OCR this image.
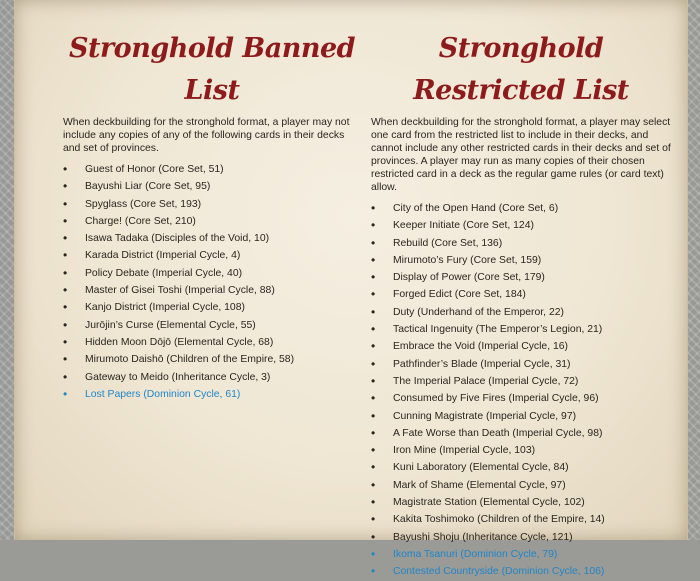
Stronghold Banned List

When deckbuilding for the stronghold format, a player may not include any copies of any of the following cards in their decks and set of provinces.

• Guest of Honor (Core Set, 51)
• Bayushi Liar (Core Set, 95)
• Spyglass (Core Set, 193)
• Charge! (Core Set, 210)
• Isawa Tadaka (Disciples of the Void, 10)
• Karada District (Imperial Cycle, 4)
• Policy Debate (Imperial Cycle, 40)
• Master of Gisei Toshi (Imperial Cycle, 88)
• Kanjo District (Imperial Cycle, 108)
• Jurōjin’s Curse (Elemental Cycle, 55)
• Hidden Moon Dōjō (Elemental Cycle, 68)
• Mirumoto Daishō (Children of the Empire, 58)
• Gateway to Meido (Inheritance Cycle, 3)
• Lost Papers (Dominion Cycle, 61)
Stronghold Restricted List

When deckbuilding for the stronghold format, a player may select one card from the restricted list to include in their decks, and cannot include any other restricted cards in their decks and set of provinces. A player may run as many copies of their chosen restricted card in a deck as the regular game rules (or card text) allow.

• City of the Open Hand (Core Set, 6)
• Keeper Initiate (Core Set, 124)
• Rebuild (Core Set, 136)
• Mirumoto’s Fury (Core Set, 159)
• Display of Power (Core Set, 179)
• Forged Edict (Core Set, 184)
• Duty (Underhand of the Emperor, 22)
• Tactical Ingenuity (The Emperor’s Legion, 21)
• Embrace the Void (Imperial Cycle, 16)
• Pathfinder’s Blade (Imperial Cycle, 31)
• The Imperial Palace (Imperial Cycle, 72)
• Consumed by Five Fires (Imperial Cycle, 96)
• Cunning Magistrate (Imperial Cycle, 97)
• A Fate Worse than Death (Imperial Cycle, 98)
• Iron Mine (Imperial Cycle, 103)
• Kuni Laboratory (Elemental Cycle, 84)
• Mark of Shame (Elemental Cycle, 97)
• Magistrate Station (Elemental Cycle, 102)
• Kakita Toshimoko (Children of the Empire, 14)
• Bayushi Shoju (Inheritance Cycle, 121)
• Ikoma Tsanuri (Dominion Cycle, 79)
• Contested Countryside (Dominion Cycle, 106)
